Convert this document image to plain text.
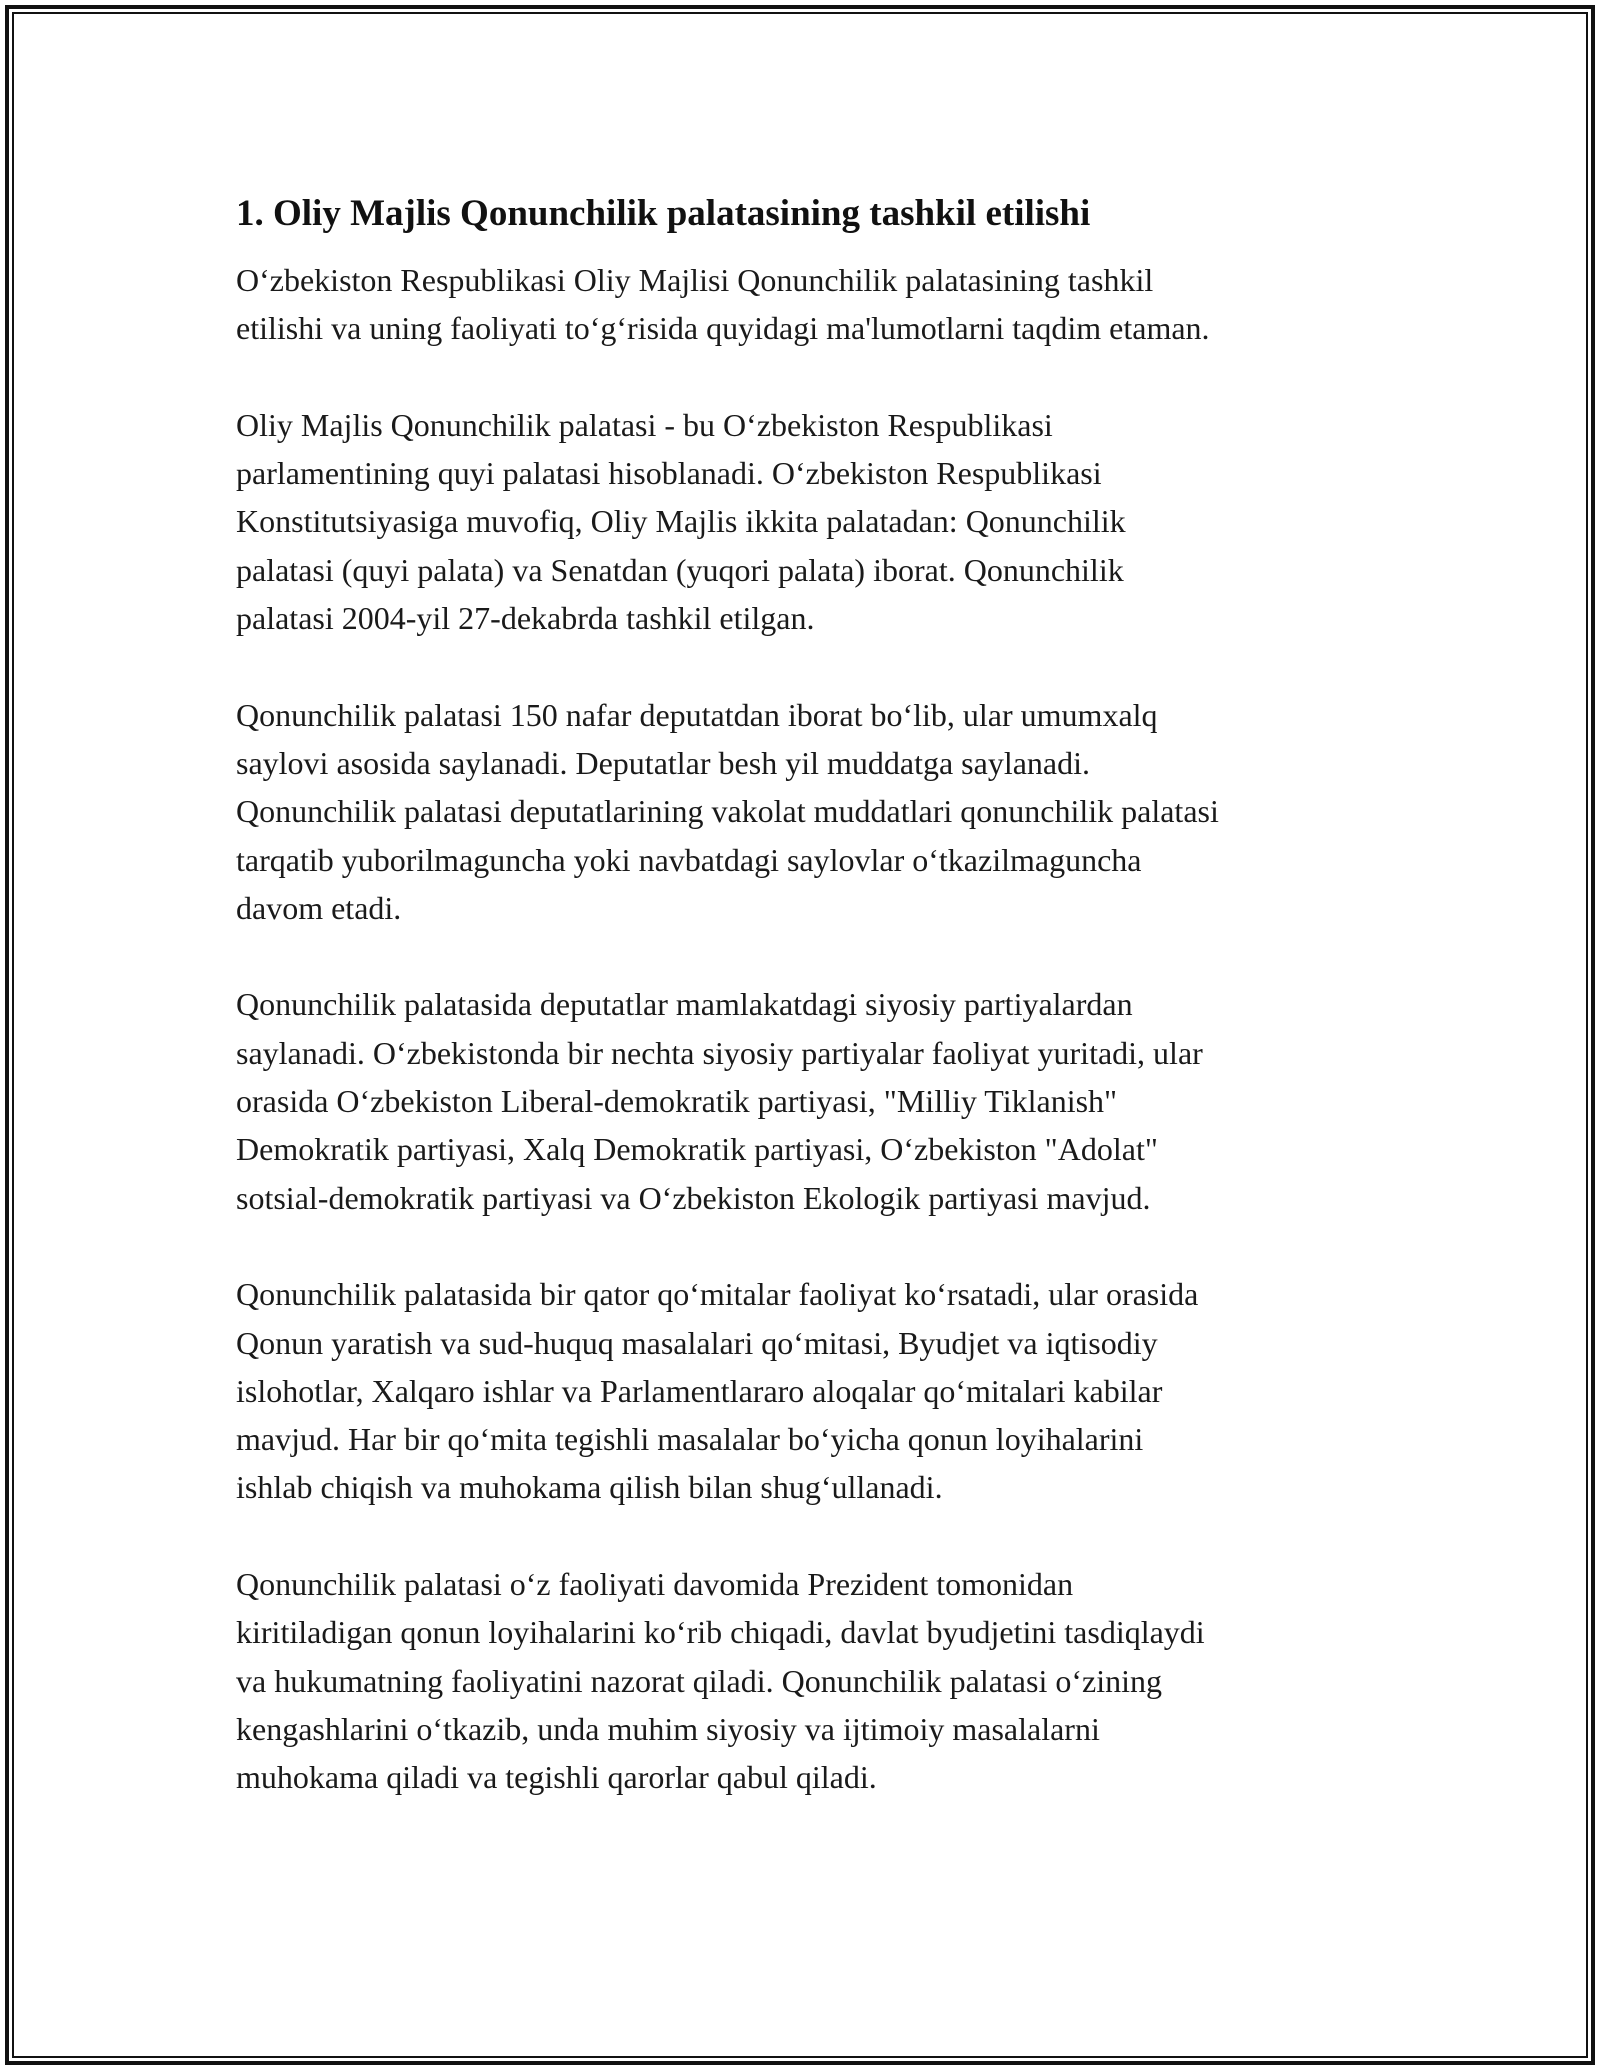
1. Oliy Majlis Qonunchilik palatasining tashkil etilishi

O‘zbekiston Respublikasi Oliy Majlisi Qonunchilik palatasining tashkil
etilishi va uning faoliyati to‘g‘risida quyidagi ma'lumotlarni taqdim etaman.

Oliy Majlis Qonunchilik palatasi - bu O‘zbekiston Respublikasi
parlamentining quyi palatasi hisoblanadi. O‘zbekiston Respublikasi
Konstitutsiyasiga muvofiq, Oliy Majlis ikkita palatadan: Qonunchilik
palatasi (quyi palata) va Senatdan (yuqori palata) iborat. Qonunchilik
palatasi 2004-yil 27-dekabrda tashkil etilgan.

Qonunchilik palatasi 150 nafar deputatdan iborat bo‘lib, ular umumxalq
saylovi asosida saylanadi. Deputatlar besh yil muddatga saylanadi.
Qonunchilik palatasi deputatlarining vakolat muddatlari qonunchilik palatasi
tarqatib yuborilmaguncha yoki navbatdagi saylovlar o‘tkazilmaguncha
davom etadi.

Qonunchilik palatasida deputatlar mamlakatdagi siyosiy partiyalardan
saylanadi. O‘zbekistonda bir nechta siyosiy partiyalar faoliyat yuritadi, ular
orasida O‘zbekiston Liberal-demokratik partiyasi, "Milliy Tiklanish"
Demokratik partiyasi, Xalq Demokratik partiyasi, O‘zbekiston "Adolat"
sotsial-demokratik partiyasi va O‘zbekiston Ekologik partiyasi mavjud.

Qonunchilik palatasida bir qator qo‘mitalar faoliyat ko‘rsatadi, ular orasida
Qonun yaratish va sud-huquq masalalari qo‘mitasi, Byudjet va iqtisodiy
islohotlar, Xalqaro ishlar va Parlamentlararo aloqalar qo‘mitalari kabilar
mavjud. Har bir qo‘mita tegishli masalalar bo‘yicha qonun loyihalarini
ishlab chiqish va muhokama qilish bilan shug‘ullanadi.

Qonunchilik palatasi o‘z faoliyati davomida Prezident tomonidan
kiritiladigan qonun loyihalarini ko‘rib chiqadi, davlat byudjetini tasdiqlaydi
va hukumatning faoliyatini nazorat qiladi. Qonunchilik palatasi o‘zining
kengashlarini o‘tkazib, unda muhim siyosiy va ijtimoiy masalalarni
muhokama qiladi va tegishli qarorlar qabul qiladi.
